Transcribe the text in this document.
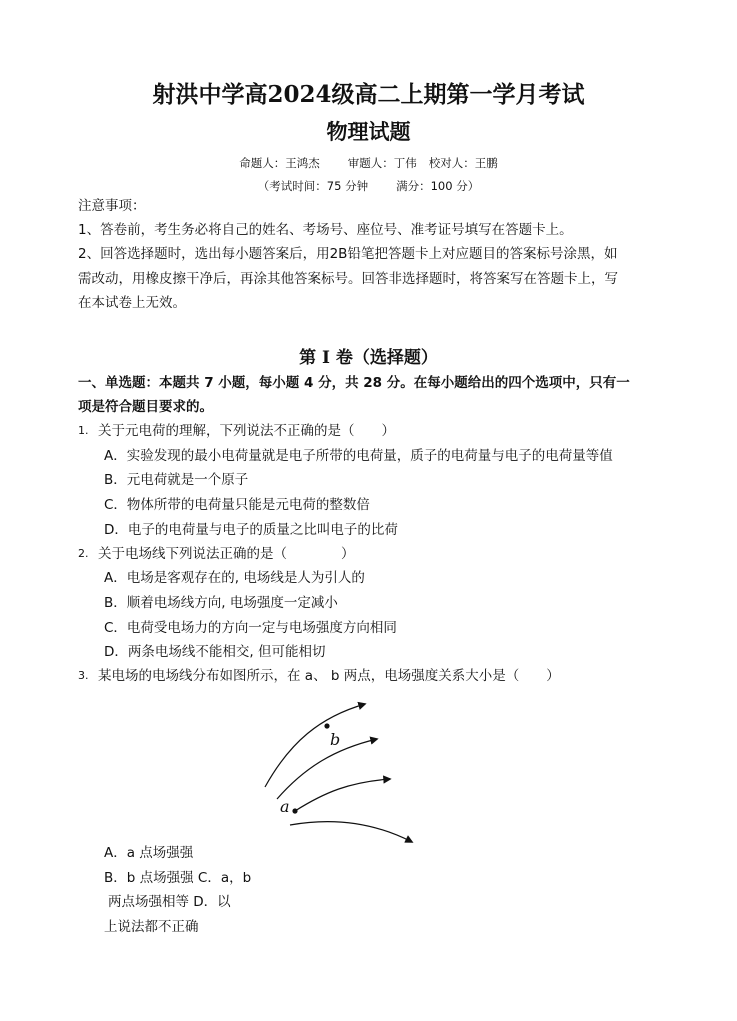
射洪中学高2024级高二上期第一学月考试
物理试题
命题人：王鸿杰 审题人：丁伟 校对人：王鹏
（考试时间：75 分钟 满分：100 分）
注意事项：
1、答卷前，考生务必将自己的姓名、考场号、座位号、准考证号填写在答题卡上。
2、回答选择题时，选出每小题答案后，用2B铅笔把答题卡上对应题目的答案标号涂黑，如
需改动，用橡皮擦干净后，再涂其他答案标号。回答非选择题时，将答案写在答题卡上，写
在本试卷上无效。
第 I 卷（选择题）
一、单选题：本题共 7 小题，每小题 4 分，共 28 分。在每小题给出的四个选项中，只有一
项是符合题目要求的。
1. 关于元电荷的理解，下列说法不正确的是（　　）
A．实验发现的最小电荷量就是电子所带的电荷量，质子的电荷量与电子的电荷量等值
B．元电荷就是一个原子
C．物体所带的电荷量只能是元电荷的整数倍
D．电子的电荷量与电子的质量之比叫电子的比荷
2. 关于电场线下列说法正确的是（　　　　）
A．电场是客观存在的, 电场线是人为引人的
B．顺着电场线方向, 电场强度一定减小
C．电荷受电场力的方向一定与电场强度方向相同
D．两条电场线不能相交, 但可能相切
3. 某电场的电场线分布如图所示，在 a、 b 两点，电场强度关系大小是（　　）
b
a
A．a 点场强强
B．b 点场强强 C．a，b
两点场强相等 D．以
上说法都不正确
